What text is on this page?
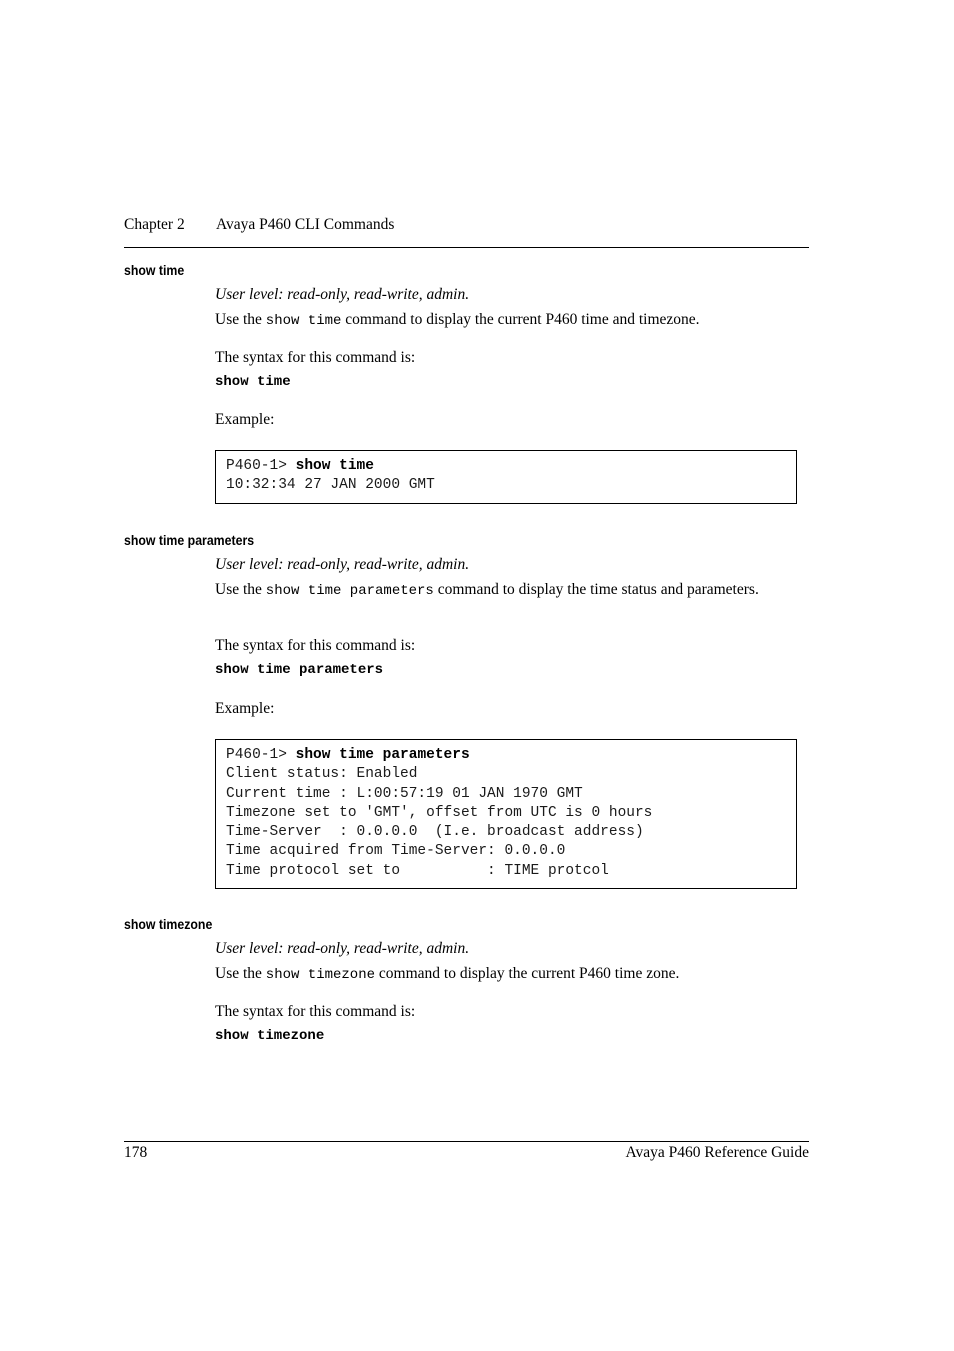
Chapter 2 Avaya P460 CLI Commands
show time
User level: read-only, read-write, admin.
Use the show time command to display the current P460 time and timezone.
The syntax for this command is:
show time
Example:
P460-1> show time
10:32:34 27 JAN 2000 GMT
show time parameters
User level: read-only, read-write, admin.
Use the show time parameters command to display the time status and parameters.
The syntax for this command is:
show time parameters
Example:
P460-1> show time parameters
Client status: Enabled
Current time : L:00:57:19 01 JAN 1970 GMT
Timezone set to 'GMT', offset from UTC is 0 hours
Time-Server  : 0.0.0.0  (I.e. broadcast address)
Time acquired from Time-Server: 0.0.0.0
Time protocol set to          : TIME protcol
show timezone
User level: read-only, read-write, admin.
Use the show timezone command to display the current P460 time zone.
The syntax for this command is:
show timezone
178	Avaya P460 Reference Guide
